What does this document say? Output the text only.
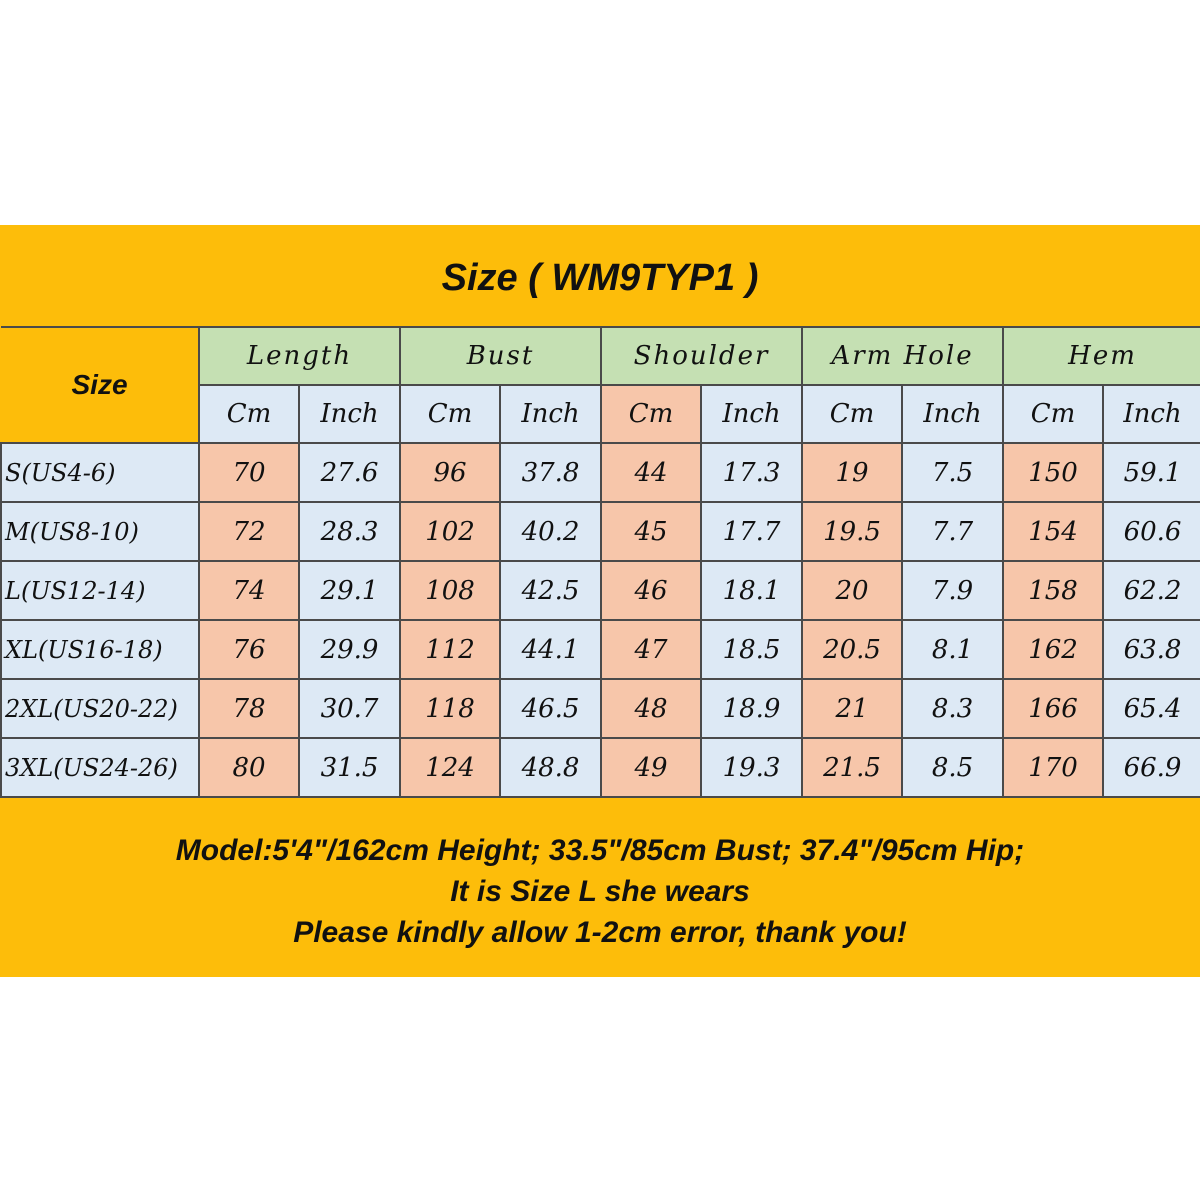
Size ( WM9TYP1 )
Size	Length		Bust		Shoulder		Arm Hole		Hem	
	Cm	Inch	Cm	Inch	Cm	Inch	Cm	Inch	Cm	Inch
S(US4-6)	70	27.6	96	37.8	44	17.3	19	7.5	150	59.1
M(US8-10)	72	28.3	102	40.2	45	17.7	19.5	7.7	154	60.6
L(US12-14)	74	29.1	108	42.5	46	18.1	20	7.9	158	62.2
XL(US16-18)	76	29.9	112	44.1	47	18.5	20.5	8.1	162	63.8
2XL(US20-22)	78	30.7	118	46.5	48	18.9	21	8.3	166	65.4
3XL(US24-26)	80	31.5	124	48.8	49	19.3	21.5	8.5	170	66.9
Model:5'4"/162cm Height; 33.5"/85cm Bust; 37.4"/95cm Hip;
It is Size L she wears
Please kindly allow 1-2cm error, thank you!
